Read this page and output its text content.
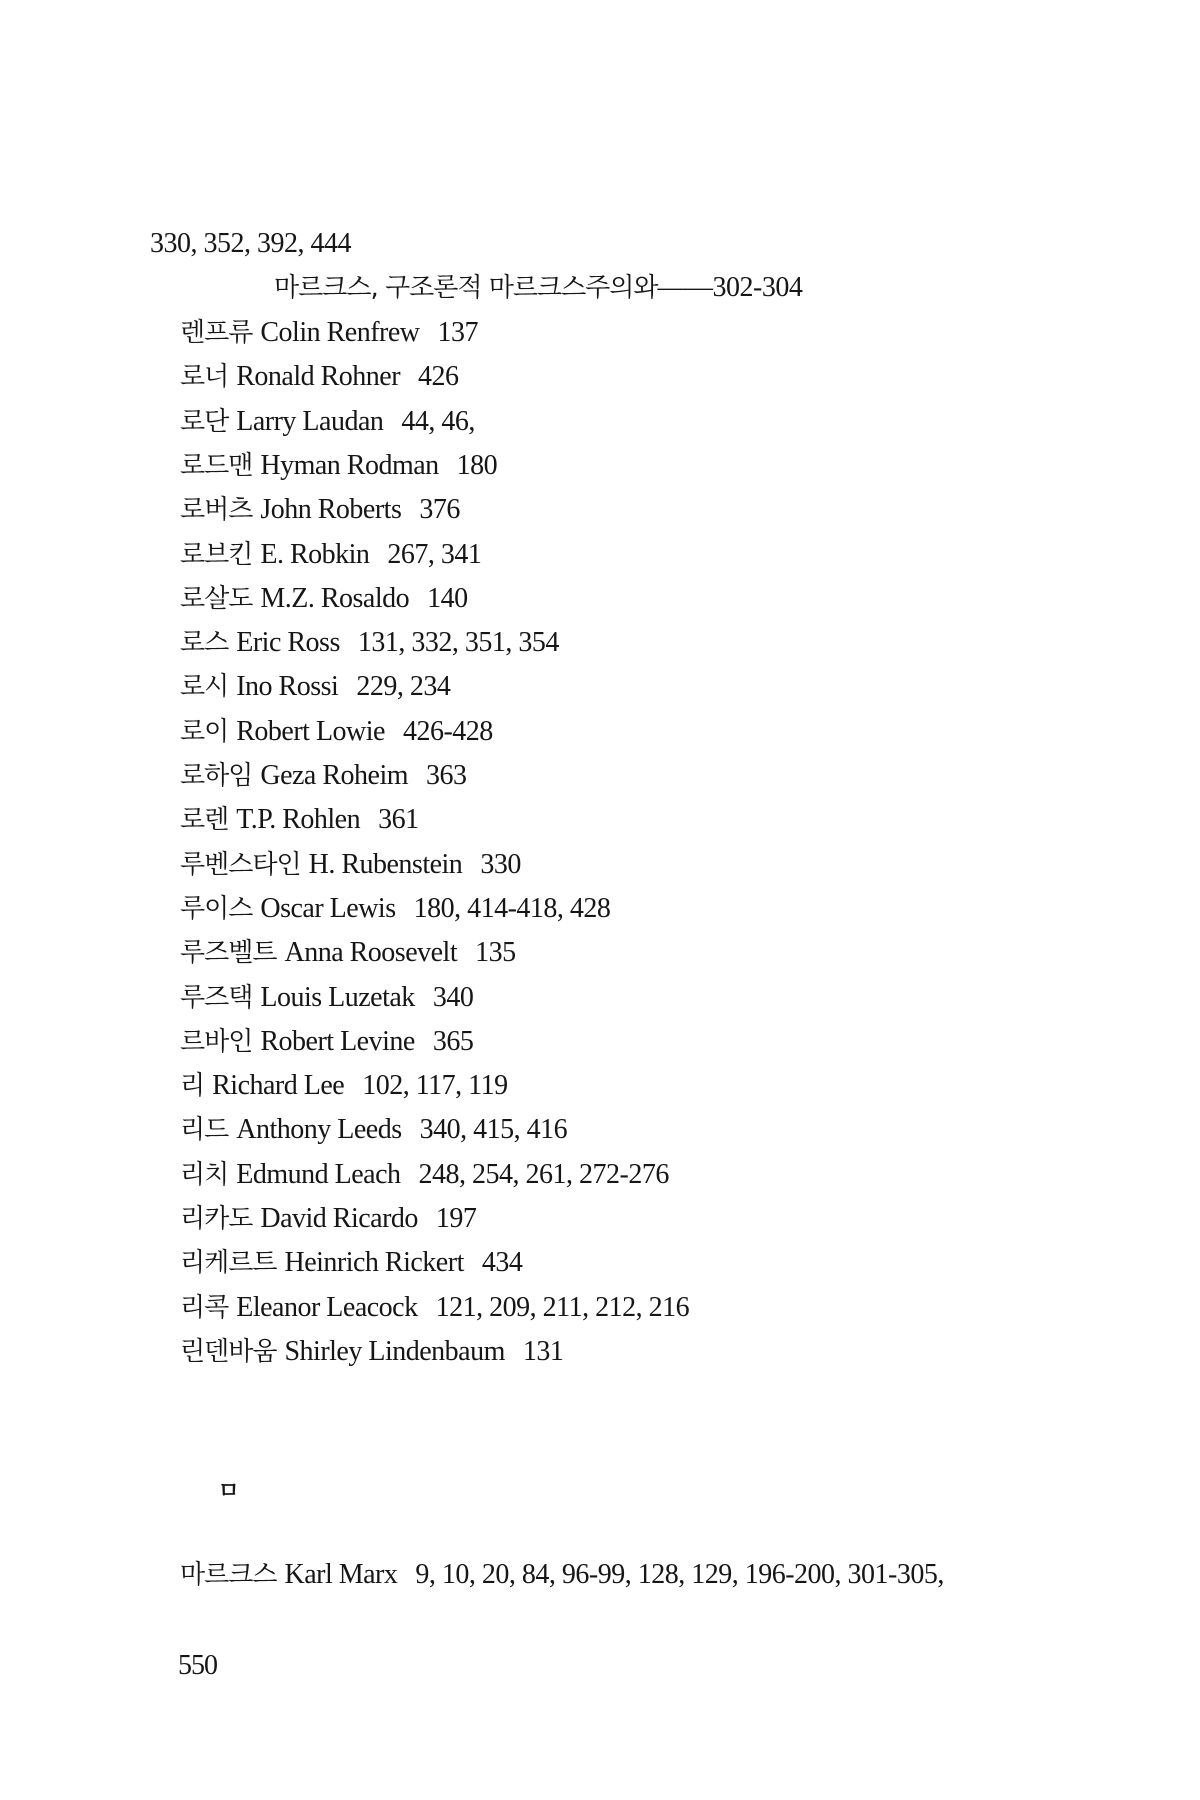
330, 352, 392, 444
마르크스, 구조론적 마르크스주의와——302-304
렌프류 Colin Renfrew 137
로너 Ronald Rohner 426
로단 Larry Laudan 44, 46,
로드맨 Hyman Rodman 180
로버츠 John Roberts 376
로브킨 E. Robkin 267, 341
로살도 M.Z. Rosaldo 140
로스 Eric Ross 131, 332, 351, 354
로시 Ino Rossi 229, 234
로이 Robert Lowie 426-428
로하임 Geza Roheim 363
로렌 T.P. Rohlen 361
루벤스타인 H. Rubenstein 330
루이스 Oscar Lewis 180, 414-418, 428
루즈벨트 Anna Roosevelt 135
루즈택 Louis Luzetak 340
르바인 Robert Levine 365
리 Richard Lee 102, 117, 119
리드 Anthony Leeds 340, 415, 416
리치 Edmund Leach 248, 254, 261, 272-276
리카도 David Ricardo 197
리케르트 Heinrich Rickert 434
리콕 Eleanor Leacock 121, 209, 211, 212, 216
린덴바움 Shirley Lindenbaum 131
ㅁ
마르크스 Karl Marx 9, 10, 20, 84, 96-99, 128, 129, 196-200, 301-305,
550
